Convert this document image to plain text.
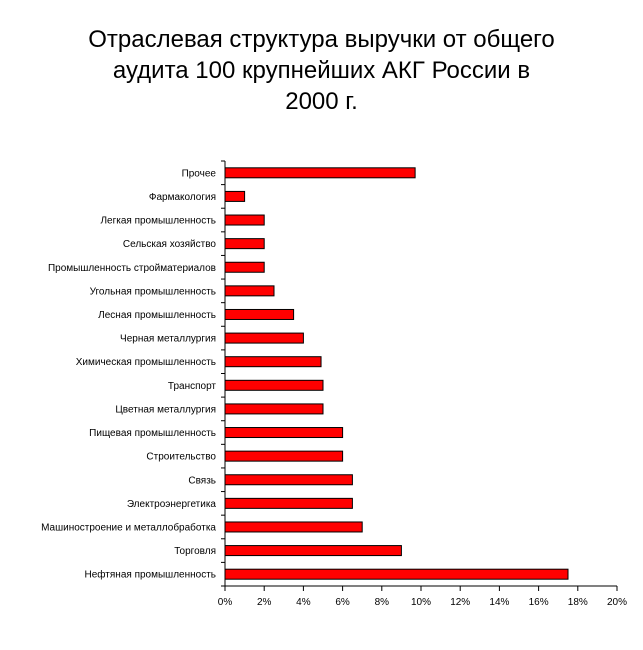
Отраслевая структура выручки от общего
аудита 100 крупнейших АКГ России в
2000 г.
Прочее
Фармакология
Легкая промышленность
Сельская хозяйство
Промышленность стройматериалов
Угольная промышленность
Лесная промышленность
Черная металлургия
Химическая промышленность
Транспорт
Цветная металлургия
Пищевая промышленность
Строительство
Связь
Электроэнергетика
Машиностроение и металлобработка
Торговля
Нефтяная промышленность
0% 2% 4% 6% 8% 10% 12% 14% 16% 18% 20%
